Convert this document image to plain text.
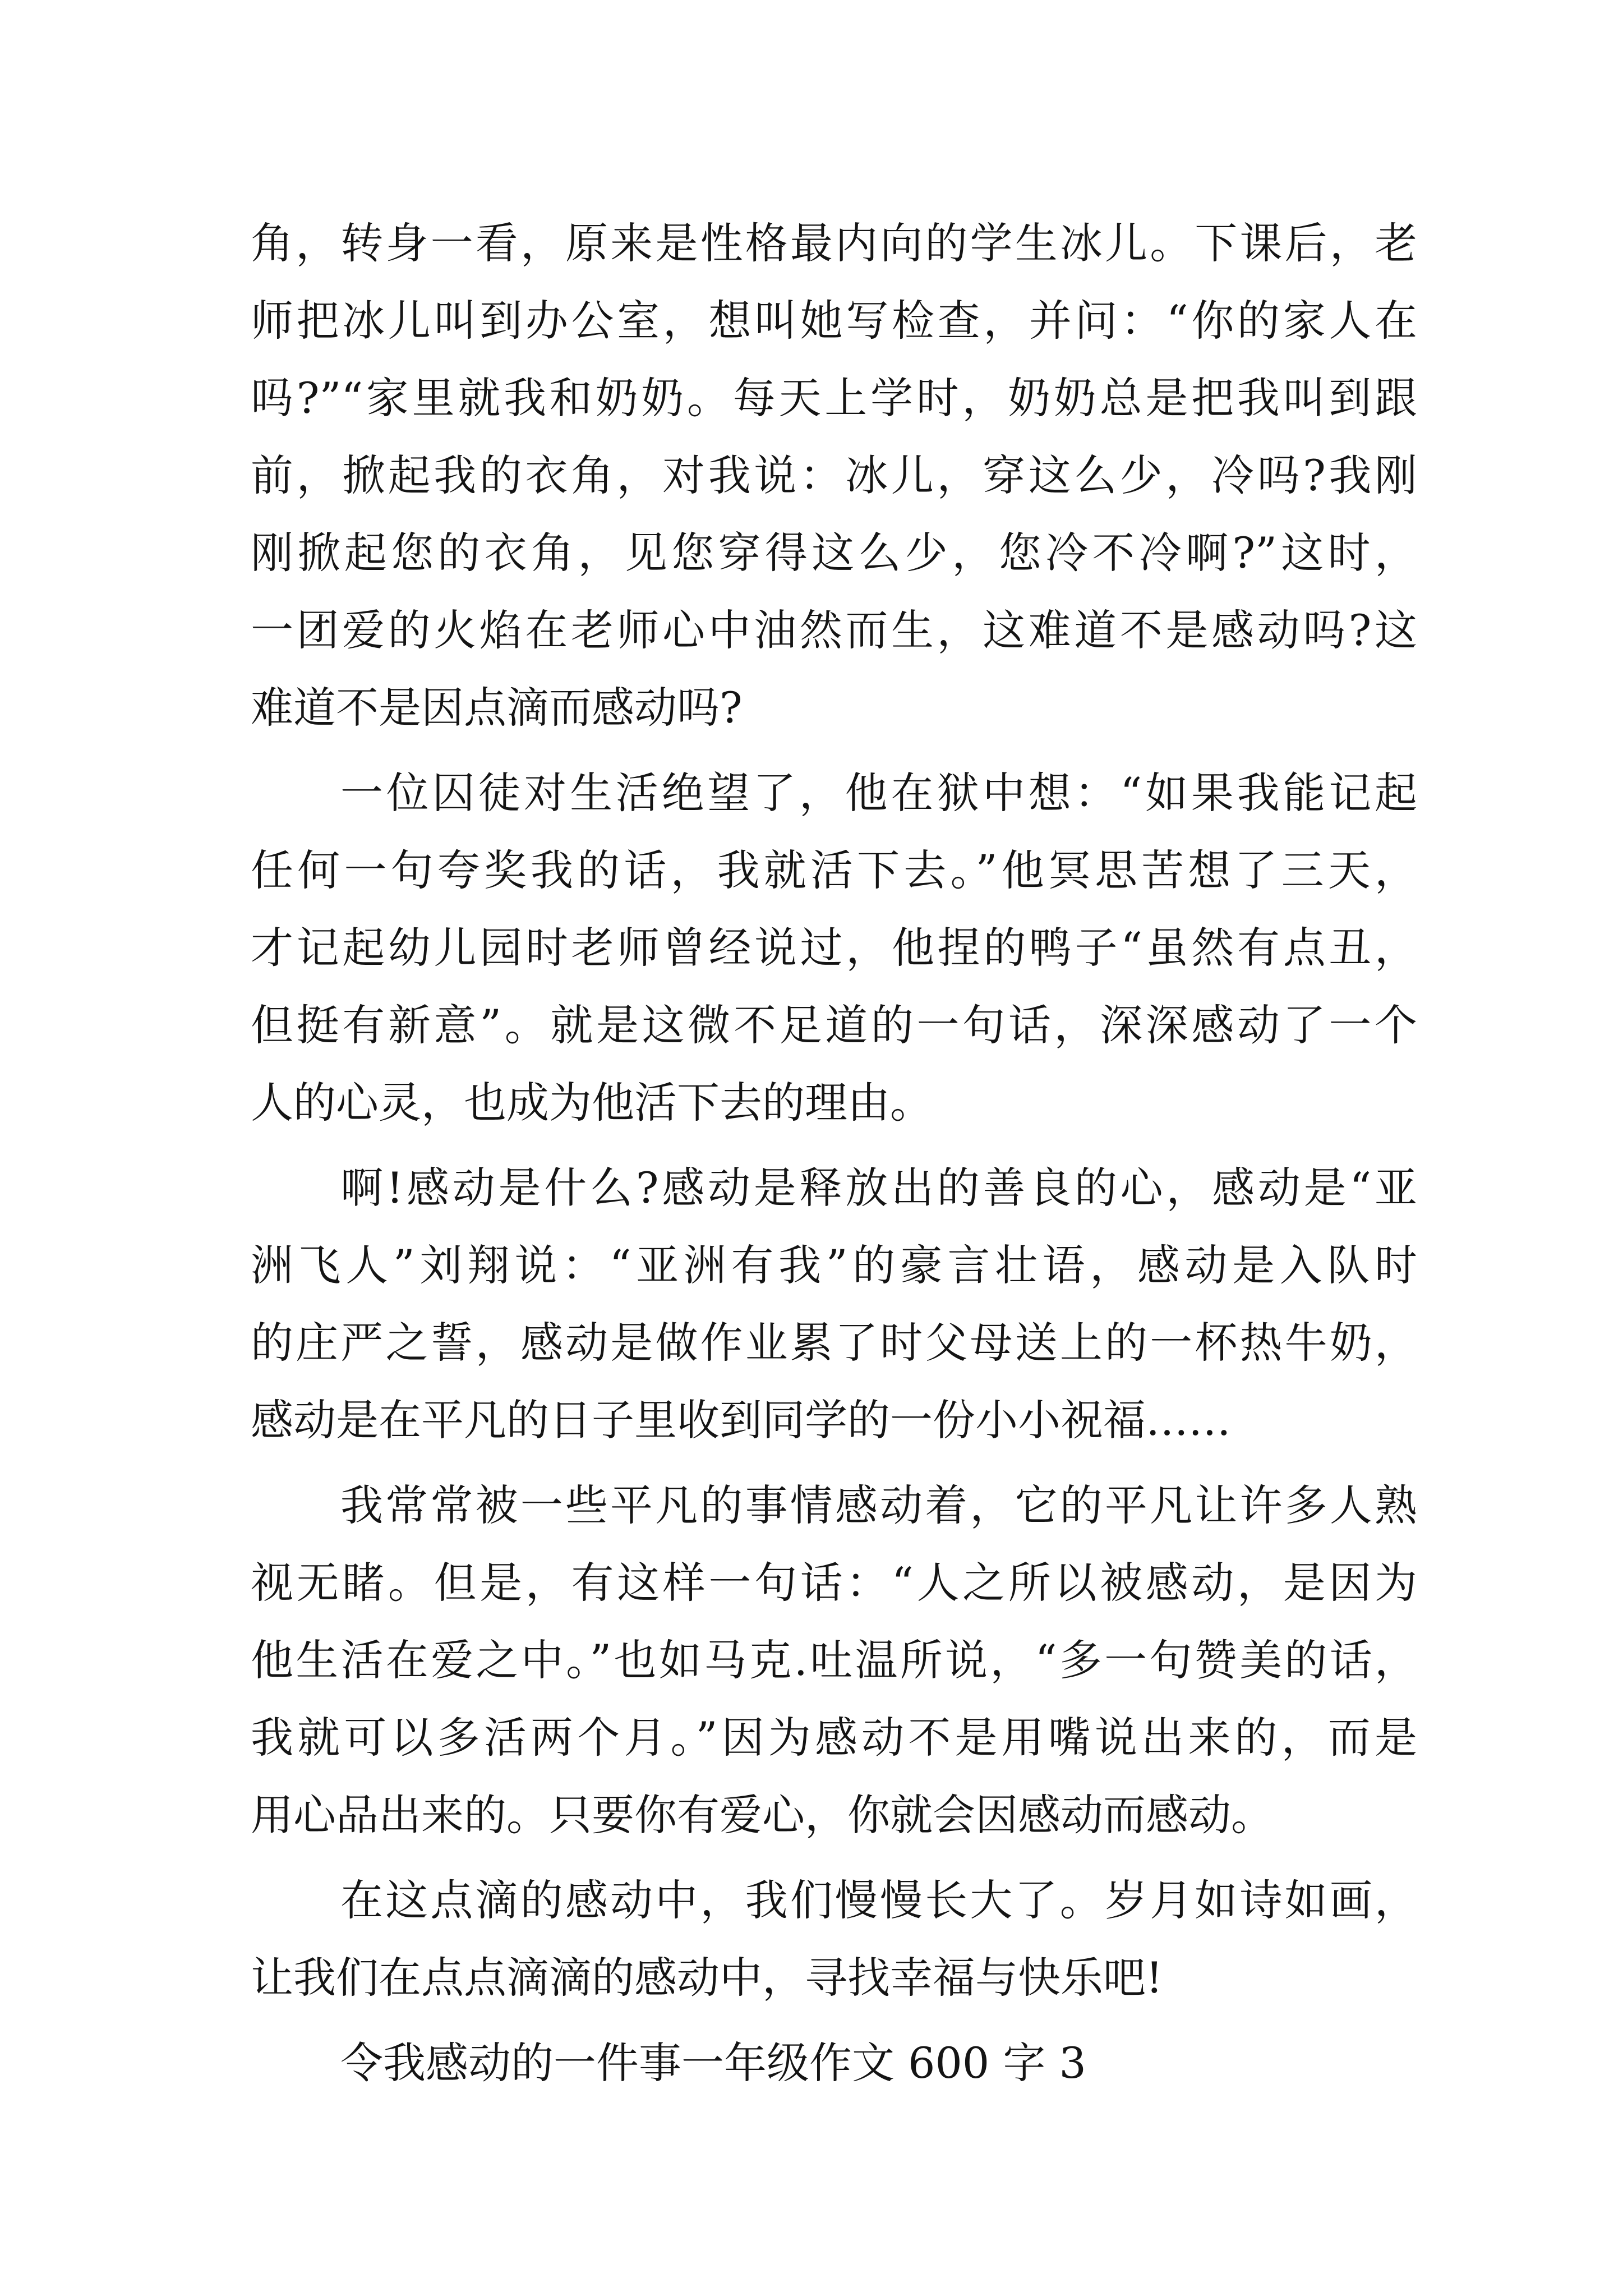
角，转身一看，原来是性格最内向的学生冰儿。下课后，老
师把冰儿叫到办公室，想叫她写检查，并问：“你的家人在
吗?”“家里就我和奶奶。每天上学时，奶奶总是把我叫到跟
前，掀起我的衣角，对我说：冰儿，穿这么少，冷吗?我刚
刚掀起您的衣角，见您穿得这么少，您冷不冷啊?”这时，
一团爱的火焰在老师心中油然而生，这难道不是感动吗?这
难道不是因点滴而感动吗?
一位囚徒对生活绝望了，他在狱中想：“如果我能记起
任何一句夸奖我的话，我就活下去。”他冥思苦想了三天，
才记起幼儿园时老师曾经说过，他捏的鸭子“虽然有点丑，
但挺有新意”。就是这微不足道的一句话，深深感动了一个
人的心灵，也成为他活下去的理由。
啊!感动是什么?感动是释放出的善良的心，感动是“亚
洲飞人”刘翔说：“亚洲有我”的豪言壮语，感动是入队时
的庄严之誓，感动是做作业累了时父母送上的一杯热牛奶，
感动是在平凡的日子里收到同学的一份小小祝福……
我常常被一些平凡的事情感动着，它的平凡让许多人熟
视无睹。但是，有这样一句话：“人之所以被感动，是因为
他生活在爱之中。”也如马克.吐温所说，“多一句赞美的话，
我就可以多活两个月。”因为感动不是用嘴说出来的，而是
用心品出来的。只要你有爱心，你就会因感动而感动。
在这点滴的感动中，我们慢慢长大了。岁月如诗如画，
让我们在点点滴滴的感动中，寻找幸福与快乐吧!
令我感动的一件事一年级作文 600 字 3
